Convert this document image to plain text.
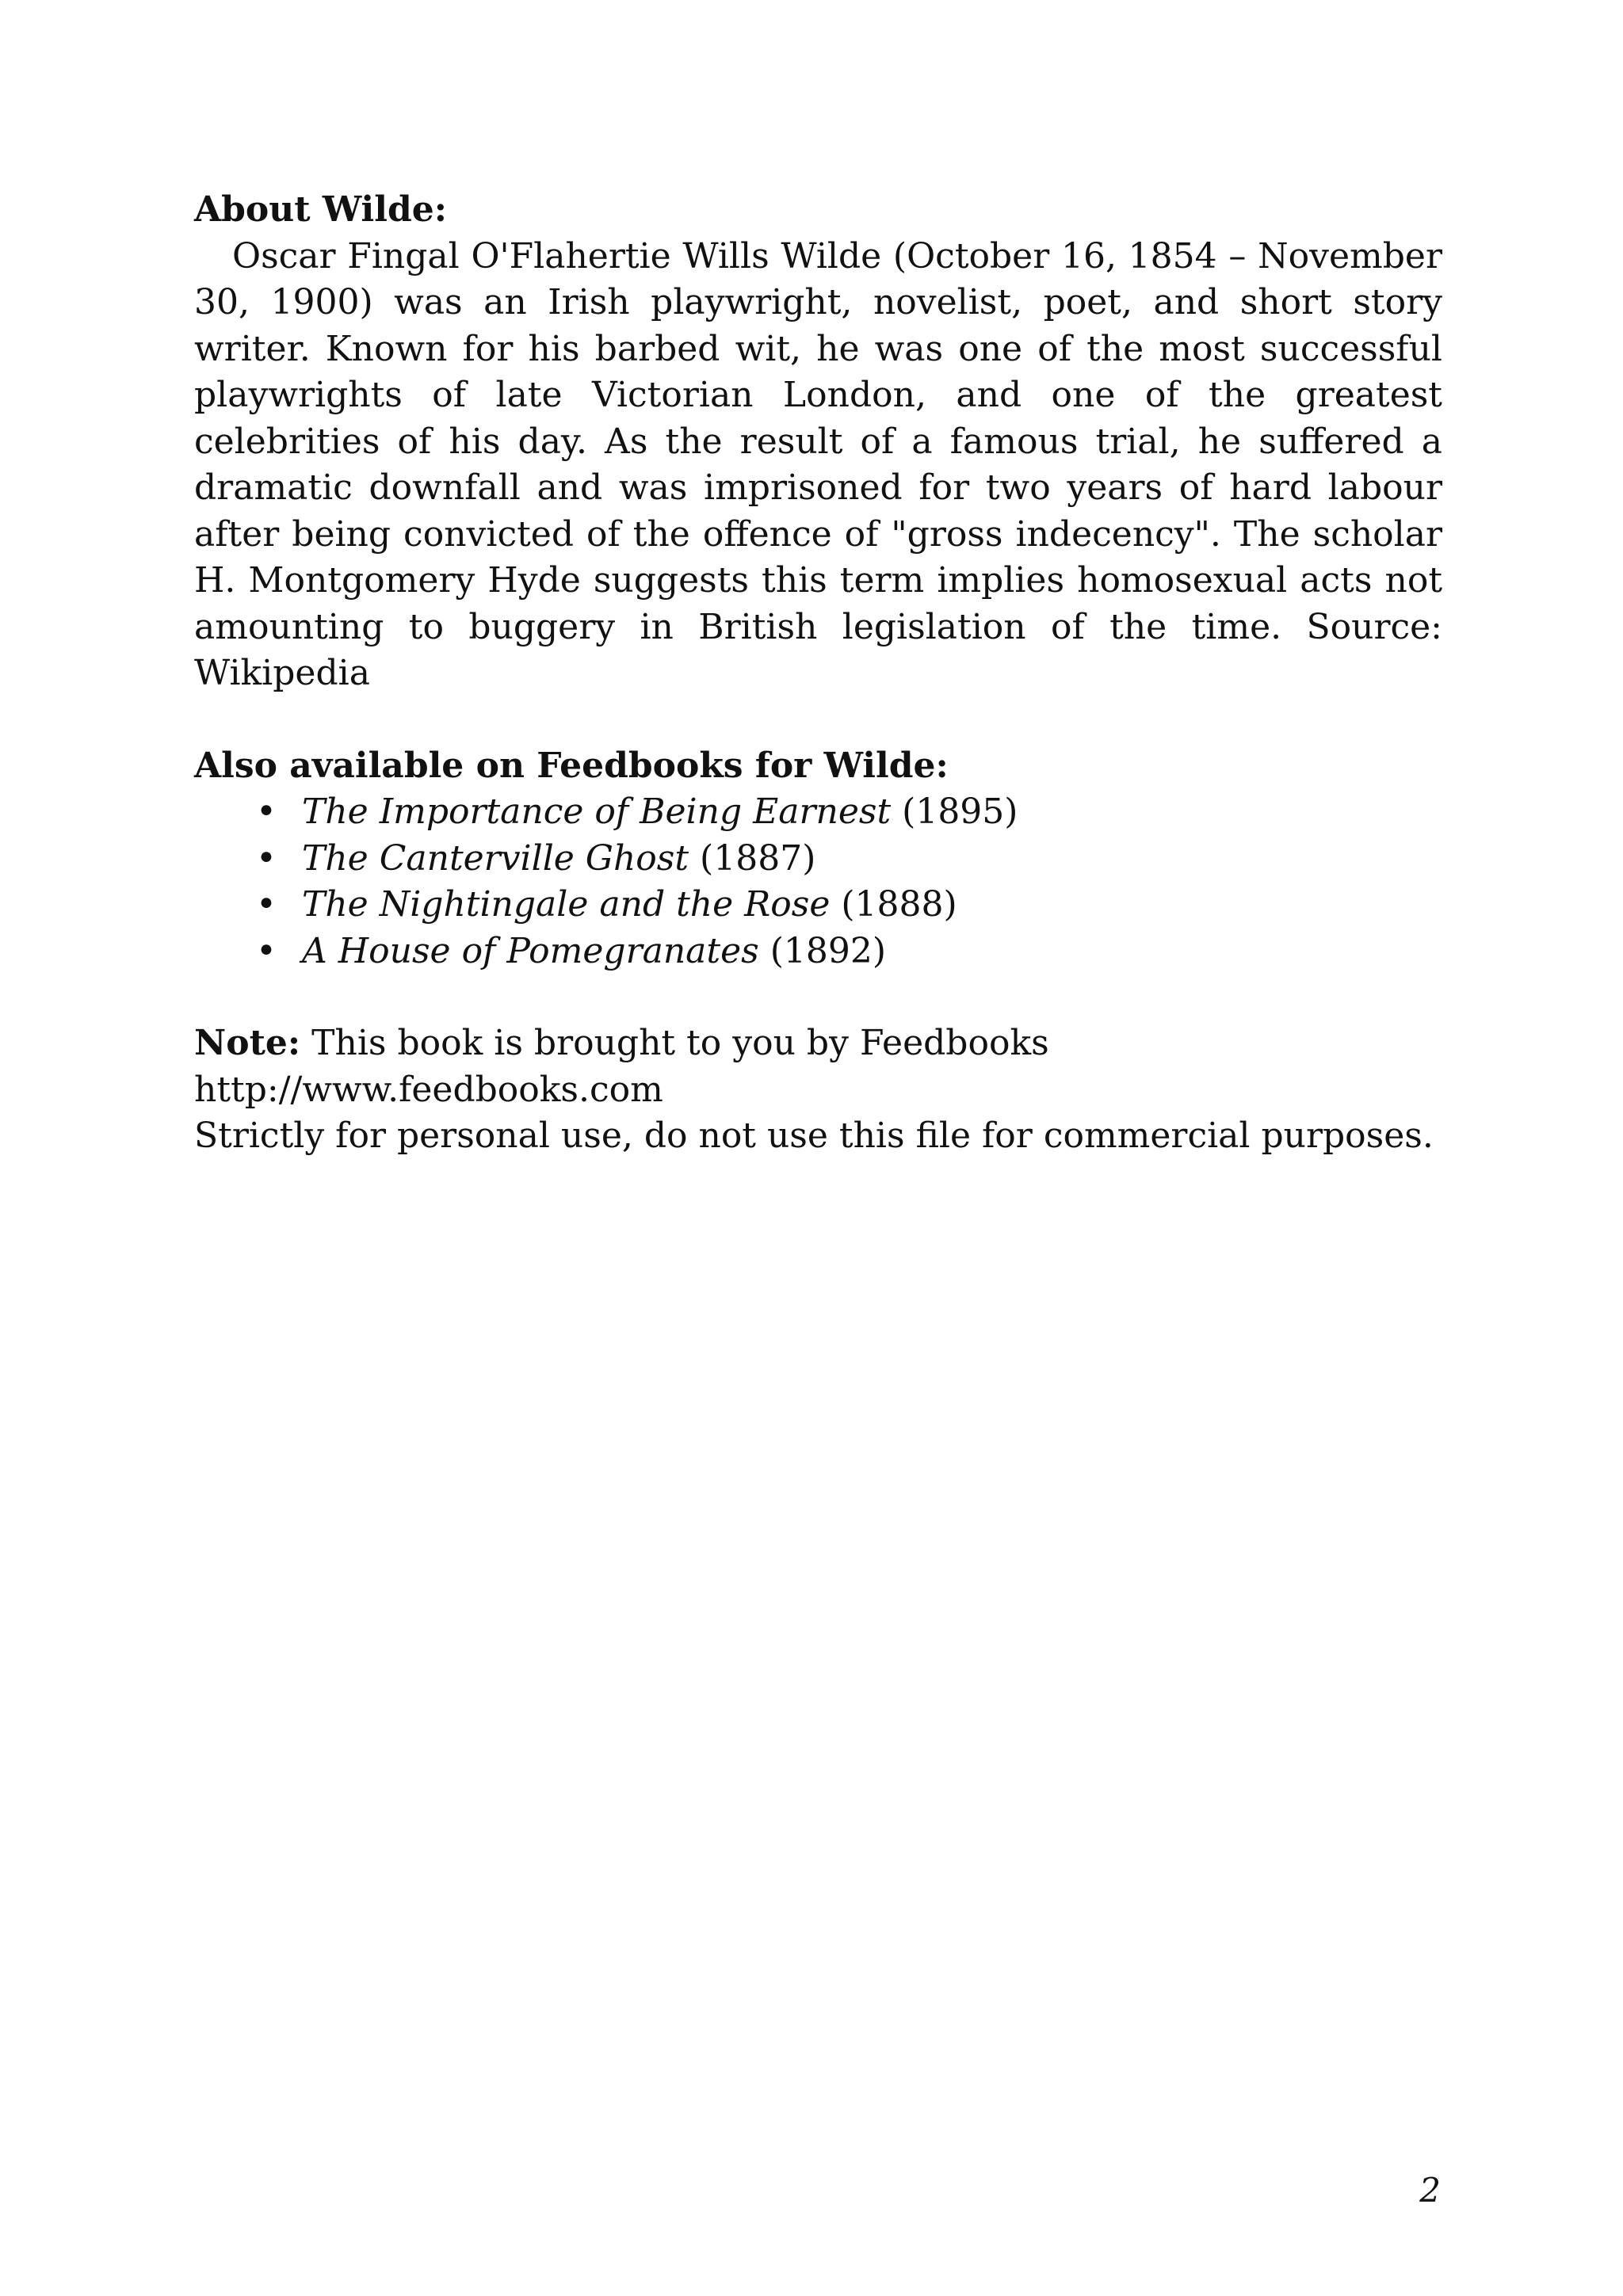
About Wilde:

Oscar Fingal O'Flahertie Wills Wilde (October 16, 1854 – November 30, 1900) was an Irish playwright, novelist, poet, and short story writer. Known for his barbed wit, he was one of the most successful playwrights of late Victorian London, and one of the greatest celebrities of his day. As the result of a famous trial, he suffered a dramatic downfall and was imprisoned for two years of hard labour after being convicted of the offence of "gross indecency". The scholar H. Montgomery Hyde suggests this term implies homosexual acts not amounting to buggery in British legislation of the time. Source: Wikipedia

Also available on Feedbooks for Wilde:

• The Importance of Being Earnest (1895)
• The Canterville Ghost (1887)
• The Nightingale and the Rose (1888)
• A House of Pomegranates (1892)

Note: This book is brought to you by Feedbooks

http://www.feedbooks.com

Strictly for personal use, do not use this file for commercial purposes.

2
